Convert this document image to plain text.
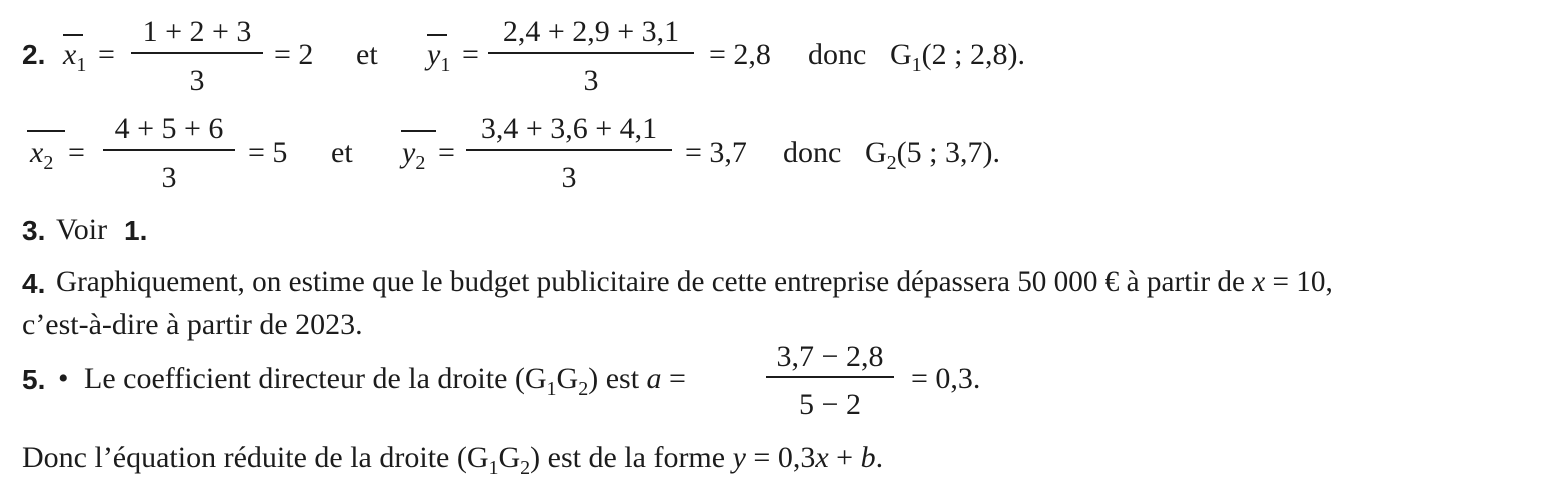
2. $x_1$ =
1 + 2 + 3
3
= 2 et $y_1$ =
2,4 + 2,9 + 3,1
3
= 2,8 donc $G_1(2$ ; 2,8).
$x_2$ =
4 + 5 + 6
3
= 5 et $y_2$ =
3,4 + 3,6 + 4,1
3
= 3,7 donc $G_2(5$ ; 3,7).
3. Voir 1.
4. Graphiquement, on estime que le budget publicitaire de cette entreprise dépassera 50 000 € à partir de x = 10,
c’est-à-dire à partir de 2023.
5. • Le coefficient directeur de la droite $(G_1G_2)$ est a =
3,7 − 2,8
5 − 2
= 0,3.
Donc l’équation réduite de la droite $(G_1G_2)$ est de la forme y = 0,3x + b.
